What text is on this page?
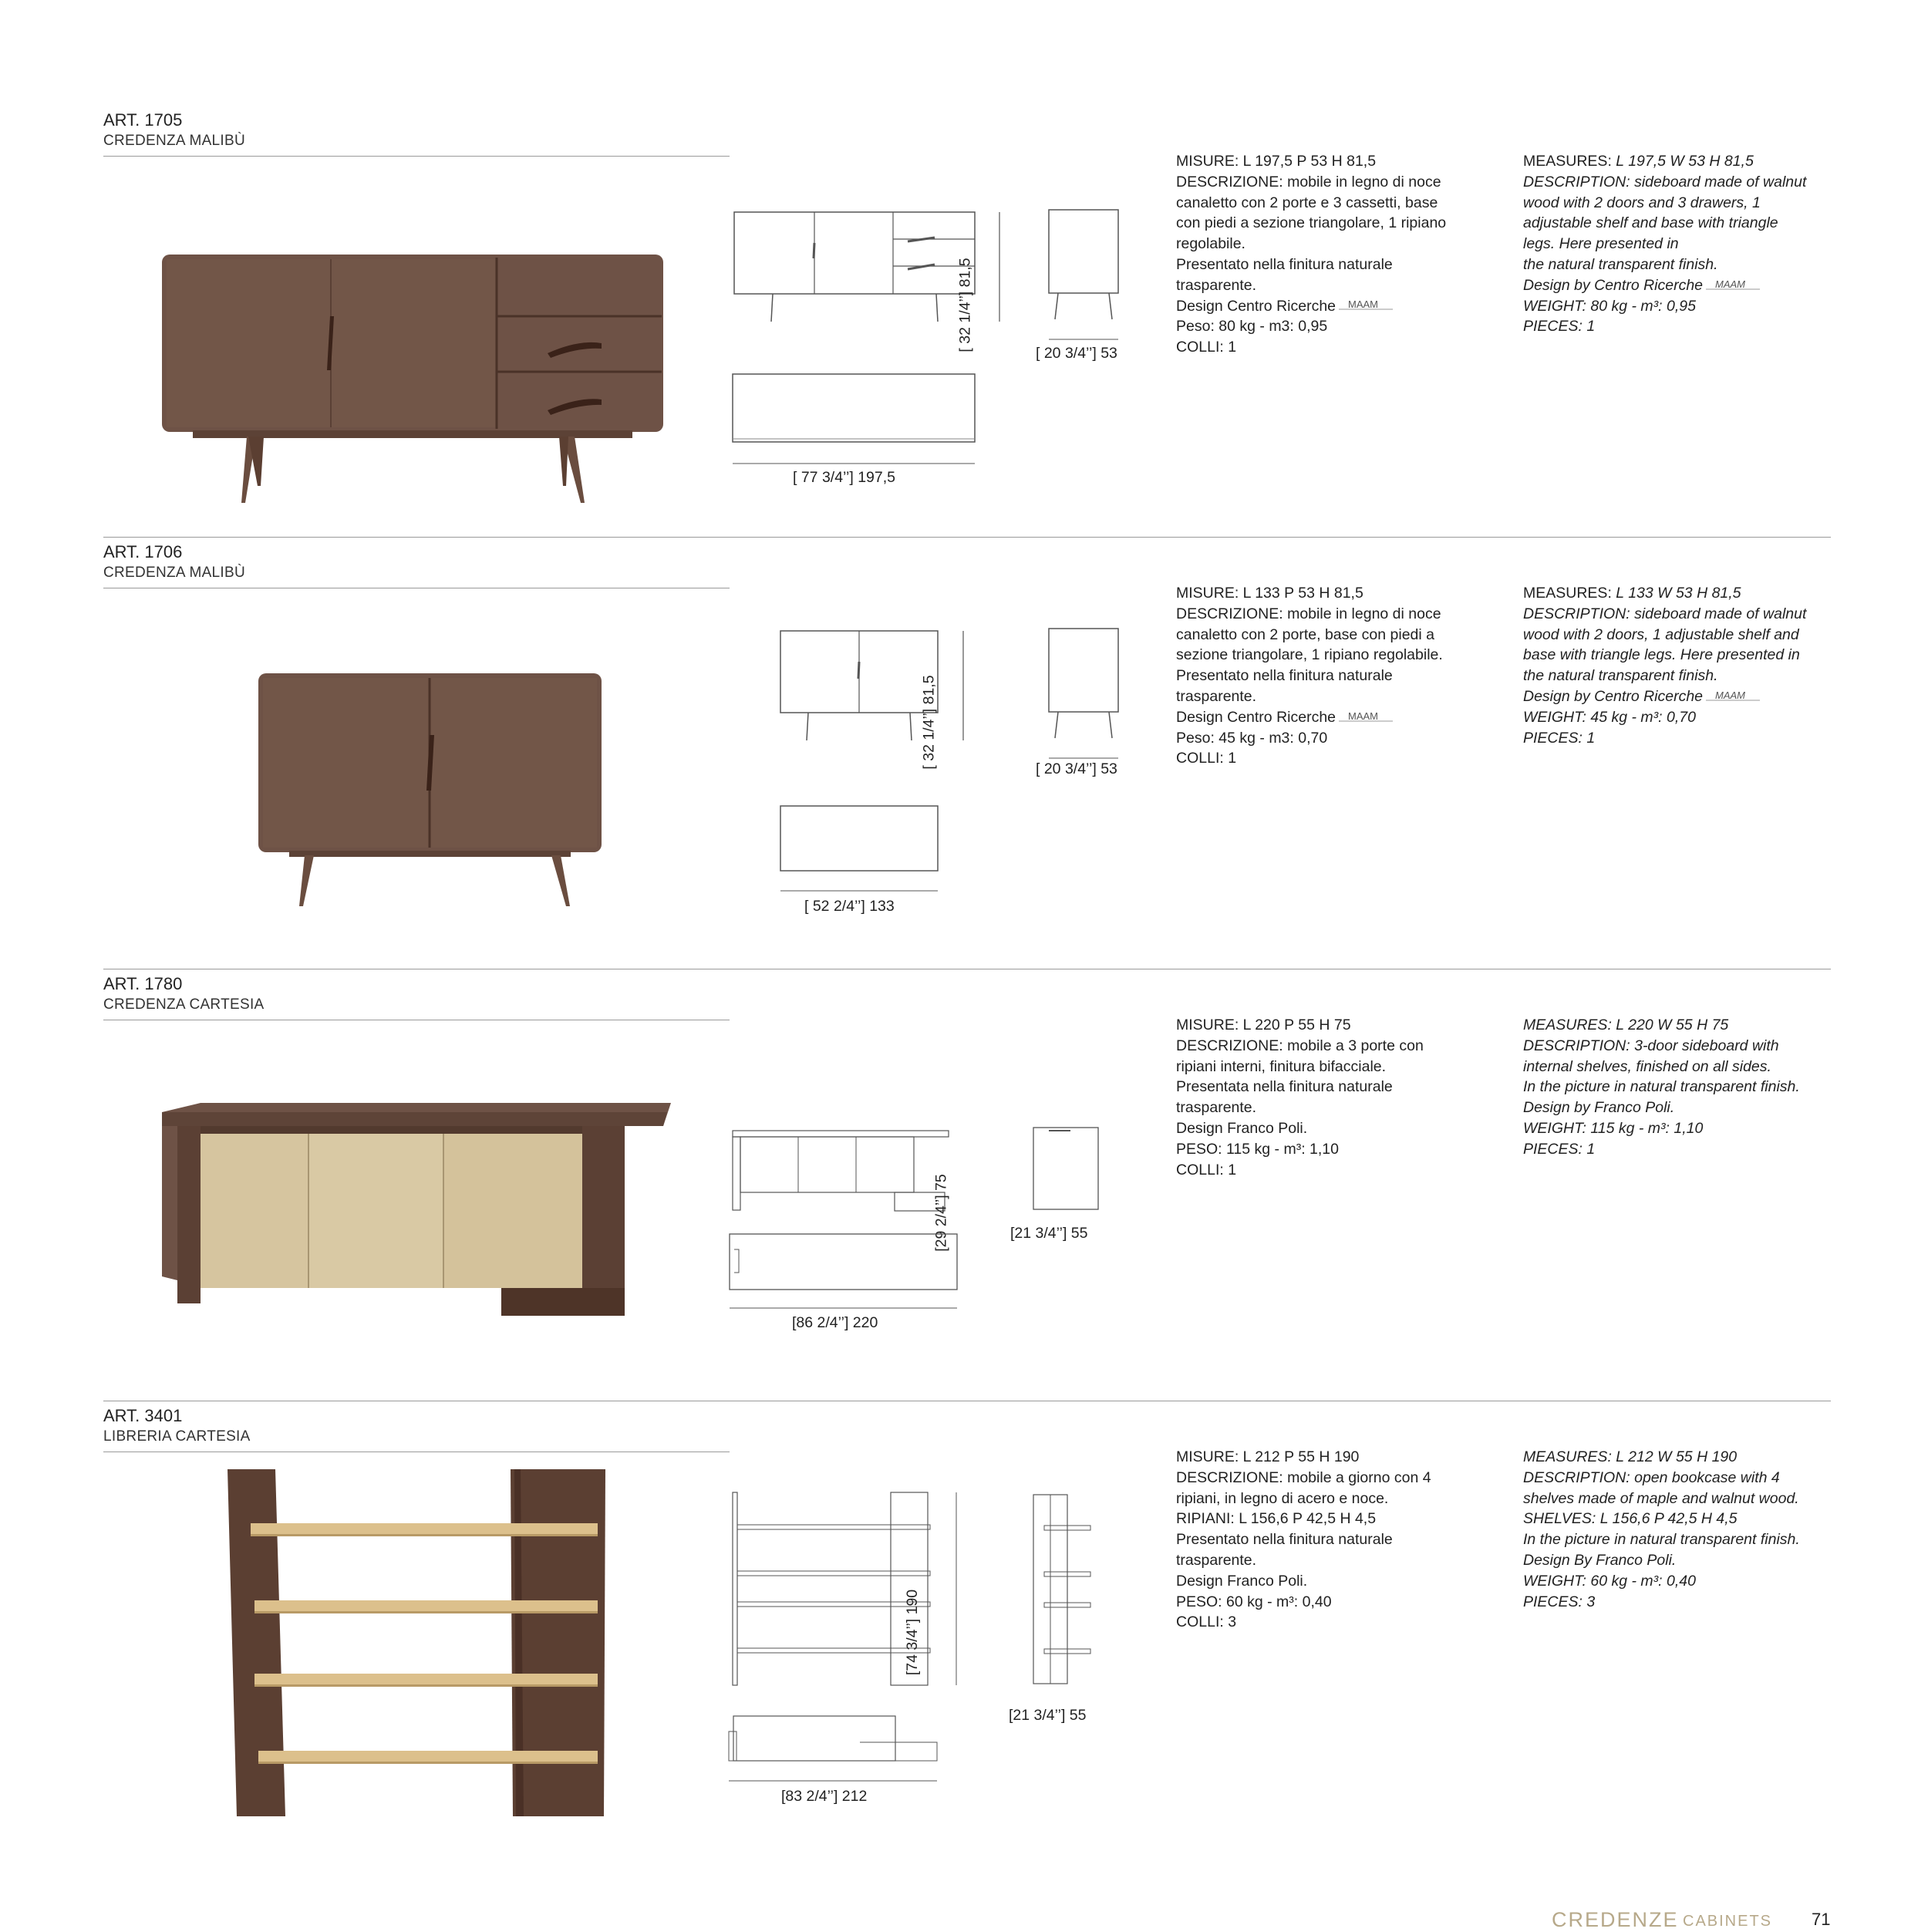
ART. 1705
CREDENZA MALIBÙ
[ 32 1/4’’] 81,5
[ 20 3/4’’] 53
[ 77 3/4’’] 197,5
MISURE: L 197,5 P 53 H 81,5
DESCRIZIONE: mobile in legno di noce
canaletto con 2 porte e 3 cassetti, base
con piedi a sezione triangolare, 1 ripiano
regolabile.
Presentato nella finitura naturale
trasparente.
Design Centro Ricerche MAAM
Peso: 80 kg - m3: 0,95
COLLI: 1
MEASURES: L 197,5 W 53 H 81,5
DESCRIPTION: sideboard made of walnut
wood with 2 doors and 3 drawers, 1
adjustable shelf and base with triangle
legs. Here presented in
the natural transparent finish.
Design by Centro Ricerche MAAM
WEIGHT: 80 kg - m³: 0,95
PIECES: 1
ART. 1706
CREDENZA MALIBÙ
[ 32 1/4’’] 81,5	[ 20 3/4’’] 53
[ 52 2/4’’] 133
MISURE: L 133 P 53 H 81,5
DESCRIZIONE: mobile in legno di noce
canaletto con 2 porte, base con piedi a
sezione triangolare, 1 ripiano regolabile.
Presentato nella finitura naturale
trasparente.
Design Centro Ricerche MAAM
Peso: 45 kg - m3: 0,70
COLLI: 1
MEASURES: L 133 W 53 H 81,5
DESCRIPTION: sideboard made of walnut
wood with 2 doors, 1 adjustable shelf and
base with triangle legs. Here presented in
the natural transparent finish.
Design by Centro Ricerche MAAM
WEIGHT: 45 kg - m³: 0,70
PIECES: 1
ART. 1780
CREDENZA CARTESIA
[29 2/4’’] 75	[21 3/4’’] 55
[86 2/4’’] 220
MISURE: L 220 P 55 H 75
DESCRIZIONE: mobile a 3 porte con
ripiani interni, finitura bifacciale.
Presentata nella finitura naturale
trasparente.
Design Franco Poli.
PESO: 115 kg - m³: 1,10
COLLI: 1
MEASURES: L 220 W 55 H 75
DESCRIPTION: 3-door sideboard with
internal shelves, finished on all sides.
In the picture in natural transparent finish.
Design by Franco Poli.
WEIGHT: 115 kg - m³: 1,10
PIECES: 1
ART. 3401
LIBRERIA CARTESIA
[74 3/4’’] 190
[21 3/4’’] 55
[83 2/4’’] 212
MISURE: L 212 P 55 H 190
DESCRIZIONE: mobile a giorno con 4
ripiani, in legno di acero e noce.
RIPIANI: L 156,6 P 42,5 H 4,5
Presentato nella finitura naturale
trasparente.
Design Franco Poli.
PESO: 60 kg - m³: 0,40
COLLI: 3
MEASURES: L 212 W 55 H 190
DESCRIPTION: open bookcase with 4
shelves made of maple and walnut wood.
SHELVES: L 156,6 P 42,5 H 4,5
In the picture in natural transparent finish.
Design By Franco Poli.
WEIGHT: 60 kg - m³: 0,40
PIECES: 3
CREDENZE CABINETS 71
